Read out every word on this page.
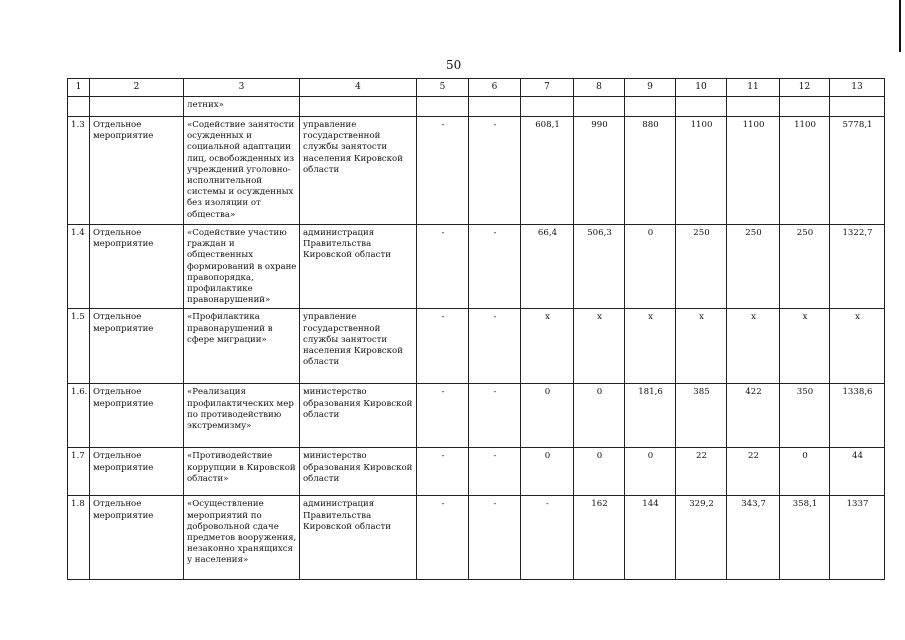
50
1	2	3	4	5	6	7	8	9	10	11	12	13
		летних»										
1.3	Отдельное мероприятие	«Содействие занятости осужденных и социальной адаптации лиц, освобожденных из учреждений уголовно-исполнительной системы и осужденных без изоляции от общества»	управление государственной службы занятости населения Кировской области	-	-	608,1	990	880	1100	1100	1100	5778,1
1.4	Отдельное мероприятие	«Содействие участию граждан и общественных формирований в охране правопорядка, профилактике правонарушений»	администрация Правительства Кировской области	-	-	66,4	506,3	0	250	250	250	1322,7
1.5	Отдельное мероприятие	«Профилактика правонарушений в сфере миграции»	управление государственной службы занятости населения Кировской области	-	-	х	х	х	х	х	х	х
1.6.	Отдельное мероприятие	«Реализация профилактических мер по противодействию экстремизму»	министерство образования Кировской области	-	-	0	0	181,6	385	422	350	1338,6
1.7	Отдельное мероприятие	«Противодействие коррупции в Кировской области»	министерство образования Кировской области	-	-	0	0	0	22	22	0	44
1.8	Отдельное мероприятие	«Осуществление мероприятий по добровольной сдаче предметов вооружения, незаконно хранящихся у населения»	администрация Правительства Кировской области	-	-	-	162	144	329,2	343,7	358,1	1337
